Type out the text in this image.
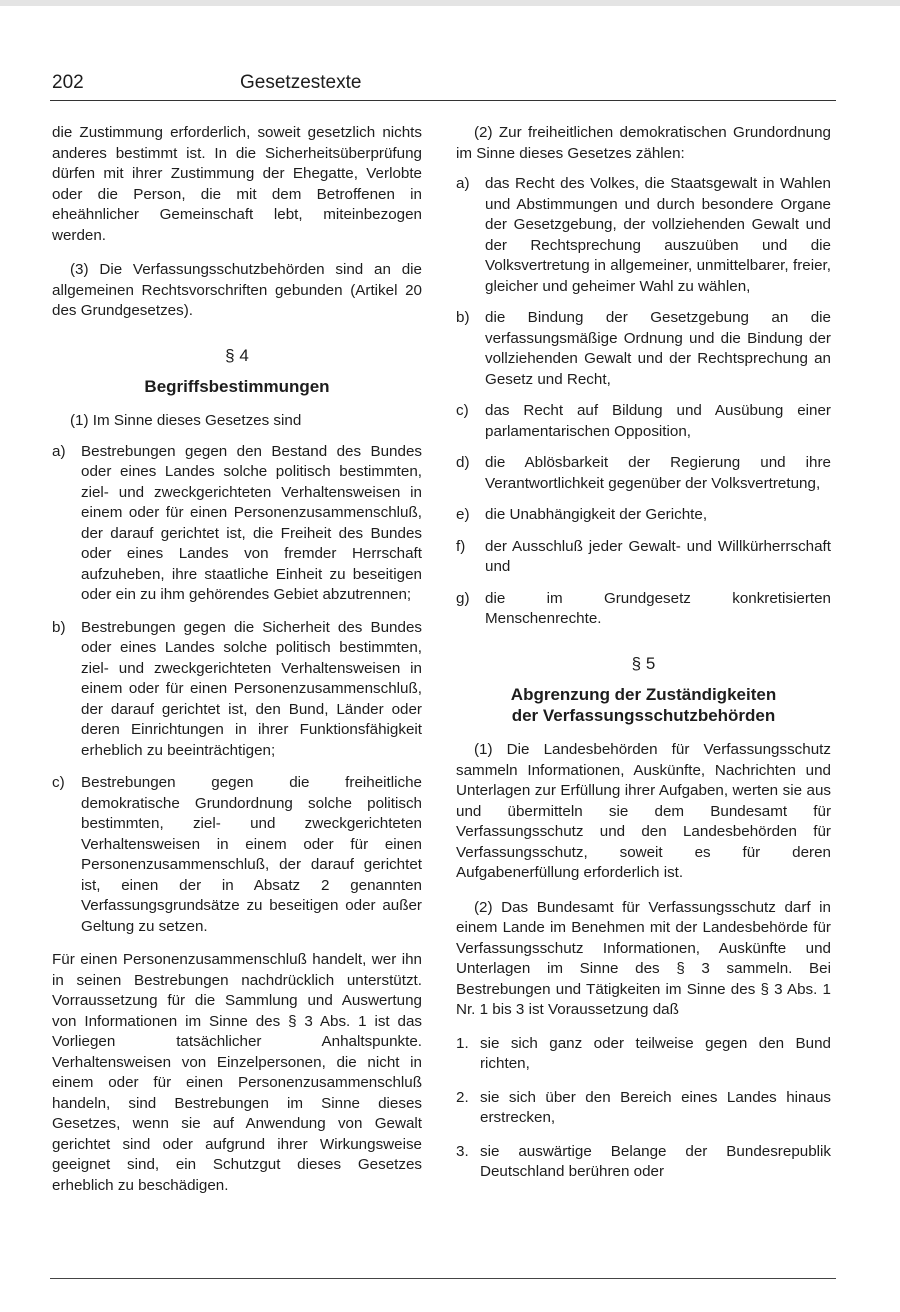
202	Gesetzestexte

die Zustimmung erforderlich, soweit gesetzlich nichts anderes bestimmt ist. In die Sicherheitsüberprüfung dürfen mit ihrer Zustimmung der Ehegatte, Verlobte oder die Person, die mit dem Betroffenen in eheähnlicher Gemeinschaft lebt, miteinbezogen werden.

(3) Die Verfassungsschutzbehörden sind an die allgemeinen Rechtsvorschriften gebunden (Artikel 20 des Grundgesetzes).

§ 4
Begriffsbestimmungen

(1) Im Sinne dieses Gesetzes sind

a) Bestrebungen gegen den Bestand des Bundes oder eines Landes solche politisch bestimmten, ziel- und zweckgerichteten Verhaltensweisen in einem oder für einen Personenzusammenschluß, der darauf gerichtet ist, die Freiheit des Bundes oder eines Landes von fremder Herrschaft aufzuheben, ihre staatliche Einheit zu beseitigen oder ein zu ihm gehörendes Gebiet abzutrennen;
b) Bestrebungen gegen die Sicherheit des Bundes oder eines Landes solche politisch bestimmten, ziel- und zweckgerichteten Verhaltensweisen in einem oder für einen Personenzusammenschluß, der darauf gerichtet ist, den Bund, Länder oder deren Einrichtungen in ihrer Funktionsfähigkeit erheblich zu beeinträchtigen;
c) Bestrebungen gegen die freiheitliche demokratische Grundordnung solche politisch bestimmten, ziel- und zweckgerichteten Verhaltensweisen in einem oder für einen Personenzusammenschluß, der darauf gerichtet ist, einen der in Absatz 2 genannten Verfassungsgrundsätze zu beseitigen oder außer Geltung zu setzen.

Für einen Personenzusammenschluß handelt, wer ihn in seinen Bestrebungen nachdrücklich unterstützt. Vorraussetzung für die Sammlung und Auswertung von Informationen im Sinne des § 3 Abs. 1 ist das Vorliegen tatsächlicher Anhaltspunkte. Verhaltensweisen von Einzelpersonen, die nicht in einem oder für einen Personenzusammenschluß handeln, sind Bestrebungen im Sinne dieses Gesetzes, wenn sie auf Anwendung von Gewalt gerichtet sind oder aufgrund ihrer Wirkungsweise geeignet sind, ein Schutzgut dieses Gesetzes erheblich zu beschädigen.

(2) Zur freiheitlichen demokratischen Grundordnung im Sinne dieses Gesetzes zählen:

a) das Recht des Volkes, die Staatsgewalt in Wahlen und Abstimmungen und durch besondere Organe der Gesetzgebung, der vollziehenden Gewalt und der Rechtsprechung auszuüben und die Volksvertretung in allgemeiner, unmittelbarer, freier, gleicher und geheimer Wahl zu wählen,
b) die Bindung der Gesetzgebung an die verfassungsmäßige Ordnung und die Bindung der vollziehenden Gewalt und der Rechtsprechung an Gesetz und Recht,
c) das Recht auf Bildung und Ausübung einer parlamentarischen Opposition,
d) die Ablösbarkeit der Regierung und ihre Verantwortlichkeit gegenüber der Volksvertretung,
e) die Unabhängigkeit der Gerichte,
f) der Ausschluß jeder Gewalt- und Willkürherrschaft und
g) die im Grundgesetz konkretisierten Menschenrechte.
§ 5
Abgrenzung der Zuständigkeiten
der Verfassungsschutzbehörden

(1) Die Landesbehörden für Verfassungsschutz sammeln Informationen, Auskünfte, Nachrichten und Unterlagen zur Erfüllung ihrer Aufgaben, werten sie aus und übermitteln sie dem Bundesamt für Verfassungsschutz und den Landesbehörden für Verfassungsschutz, soweit es für deren Aufgabenerfüllung erforderlich ist.

(2) Das Bundesamt für Verfassungsschutz darf in einem Lande im Benehmen mit der Landesbehörde für Verfassungsschutz Informationen, Auskünfte und Unterlagen im Sinne des § 3 sammeln. Bei Bestrebungen und Tätigkeiten im Sinne des § 3 Abs. 1 Nr. 1 bis 3 ist Voraussetzung daß

1. sie sich ganz oder teilweise gegen den Bund richten,
2. sie sich über den Bereich eines Landes hinaus erstrecken,
3. sie auswärtige Belange der Bundesrepublik Deutschland berühren oder
